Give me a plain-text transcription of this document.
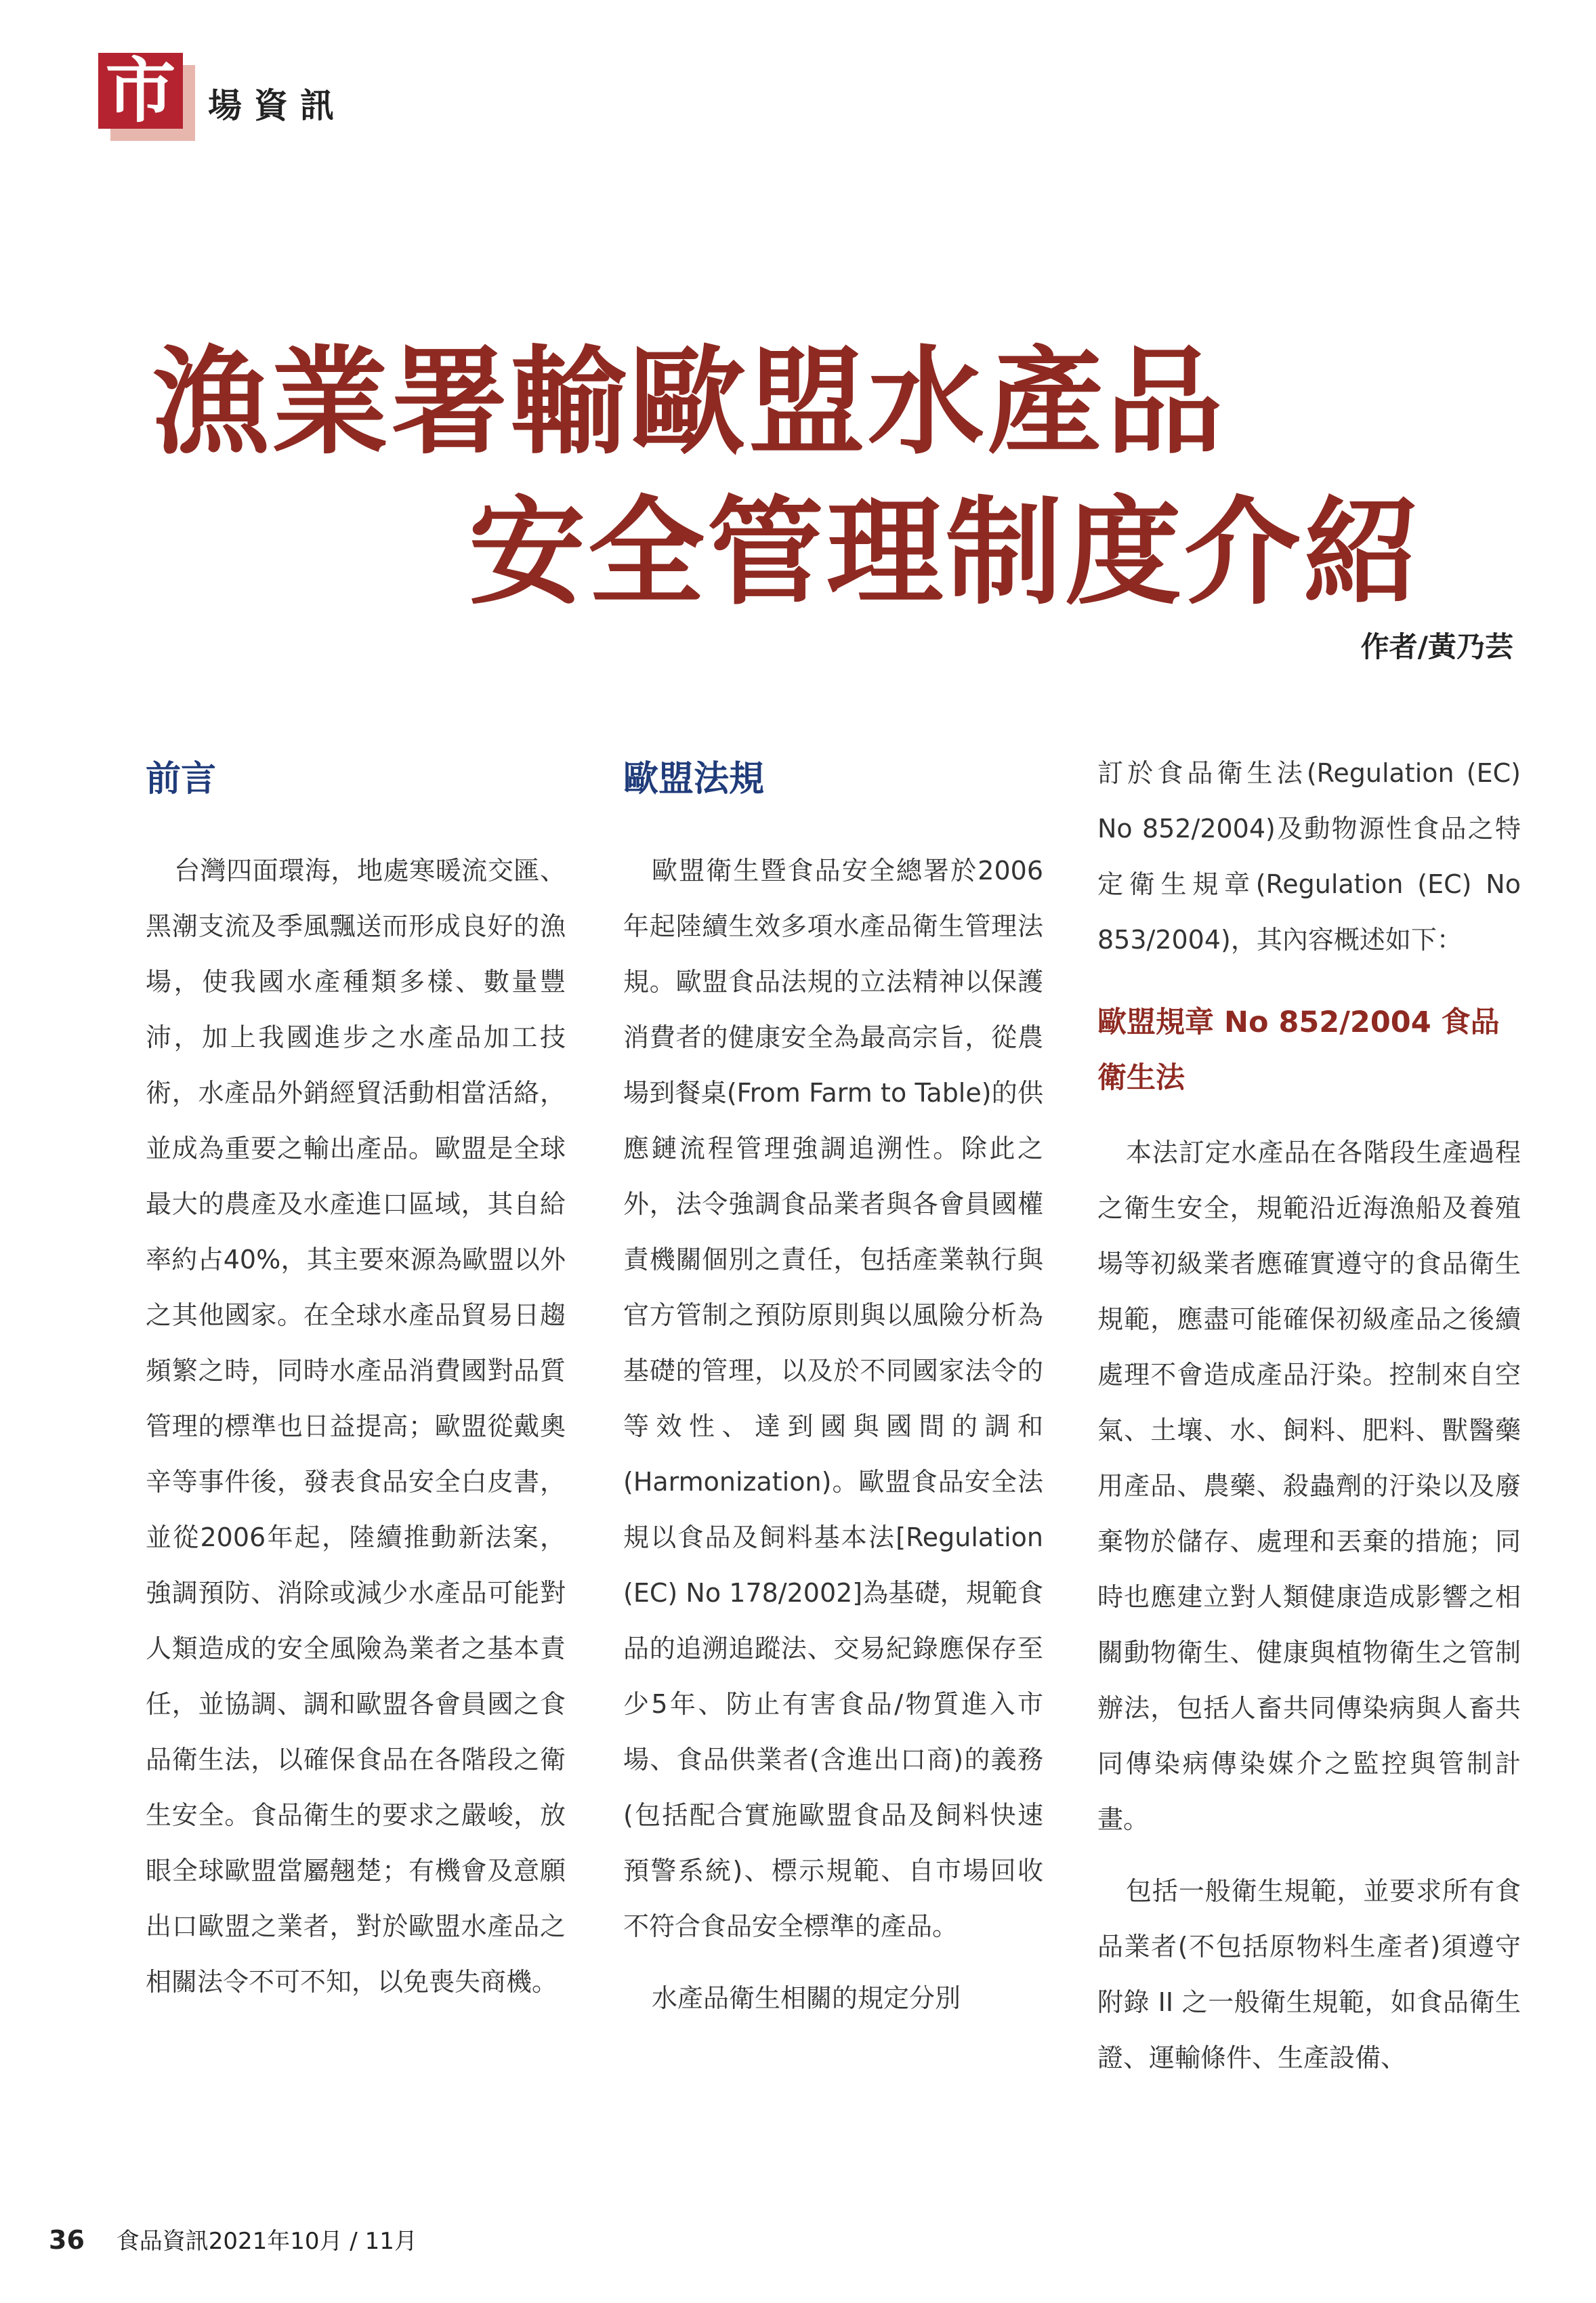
市 場資訊
漁業署輸歐盟水產品
安全管理制度介紹
作者/黃乃芸
前言

台灣四面環海，地處寒暖流交匯、黑潮支流及季風飄送而形成良好的漁場，使我國水產種類多樣、數量豐沛，加上我國進步之水產品加工技術，水產品外銷經貿活動相當活絡，並成為重要之輸出產品。歐盟是全球最大的農產及水產進口區域，其自給率約占40%，其主要來源為歐盟以外之其他國家。在全球水產品貿易日趨頻繁之時，同時水產品消費國對品質管理的標準也日益提高；歐盟從戴奧辛等事件後，發表食品安全白皮書，並從2006年起，陸續推動新法案，強調預防、消除或減少水產品可能對人類造成的安全風險為業者之基本責任，並協調、調和歐盟各會員國之食品衛生法，以確保食品在各階段之衛生安全。食品衛生的要求之嚴峻，放眼全球歐盟當屬翹楚；有機會及意願出口歐盟之業者，對於歐盟水產品之相關法令不可不知，以免喪失商機。

歐盟法規

歐盟衛生暨食品安全總署於2006年起陸續生效多項水產品衛生管理法規。歐盟食品法規的立法精神以保護消費者的健康安全為最高宗旨，從農場到餐桌(From Farm to Table)的供應鏈流程管理強調追溯性。除此之外，法令強調食品業者與各會員國權責機關個別之責任，包括產業執行與官方管制之預防原則與以風險分析為基礎的管理，以及於不同國家法令的等效性、達到國與國間的調和(Harmonization)。歐盟食品安全法規以食品及飼料基本法[Regulation (EC) No 178/2002]為基礎，規範食品的追溯追蹤法、交易紀錄應保存至少5年、防止有害食品/物質進入市場、食品供業者(含進出口商)的義務(包括配合實施歐盟食品及飼料快速預警系統)、標示規範、自市場回收不符合食品安全標準的產品。

水產品衛生相關的規定分別

訂於食品衛生法(Regulation (EC) No 852/2004)及動物源性食品之特定衛生規章(Regulation (EC) No 853/2004)，其內容概述如下：

歐盟規章 No 852/2004 食品衛生法

本法訂定水產品在各階段生產過程之衛生安全，規範沿近海漁船及養殖場等初級業者應確實遵守的食品衛生規範，應盡可能確保初級產品之後續處理不會造成產品汙染。控制來自空氣、土壤、水、飼料、肥料、獸醫藥用產品、農藥、殺蟲劑的汙染以及廢棄物於儲存、處理和丟棄的措施；同時也應建立對人類健康造成影響之相關動物衛生、健康與植物衛生之管制辦法，包括人畜共同傳染病與人畜共同傳染病傳染媒介之監控與管制計畫。

包括一般衛生規範，並要求所有食品業者(不包括原物料生產者)須遵守附錄 II 之一般衛生規範，如食品衛生證、運輸條件、生產設備、

36 食品資訊2021年10月 / 11月
